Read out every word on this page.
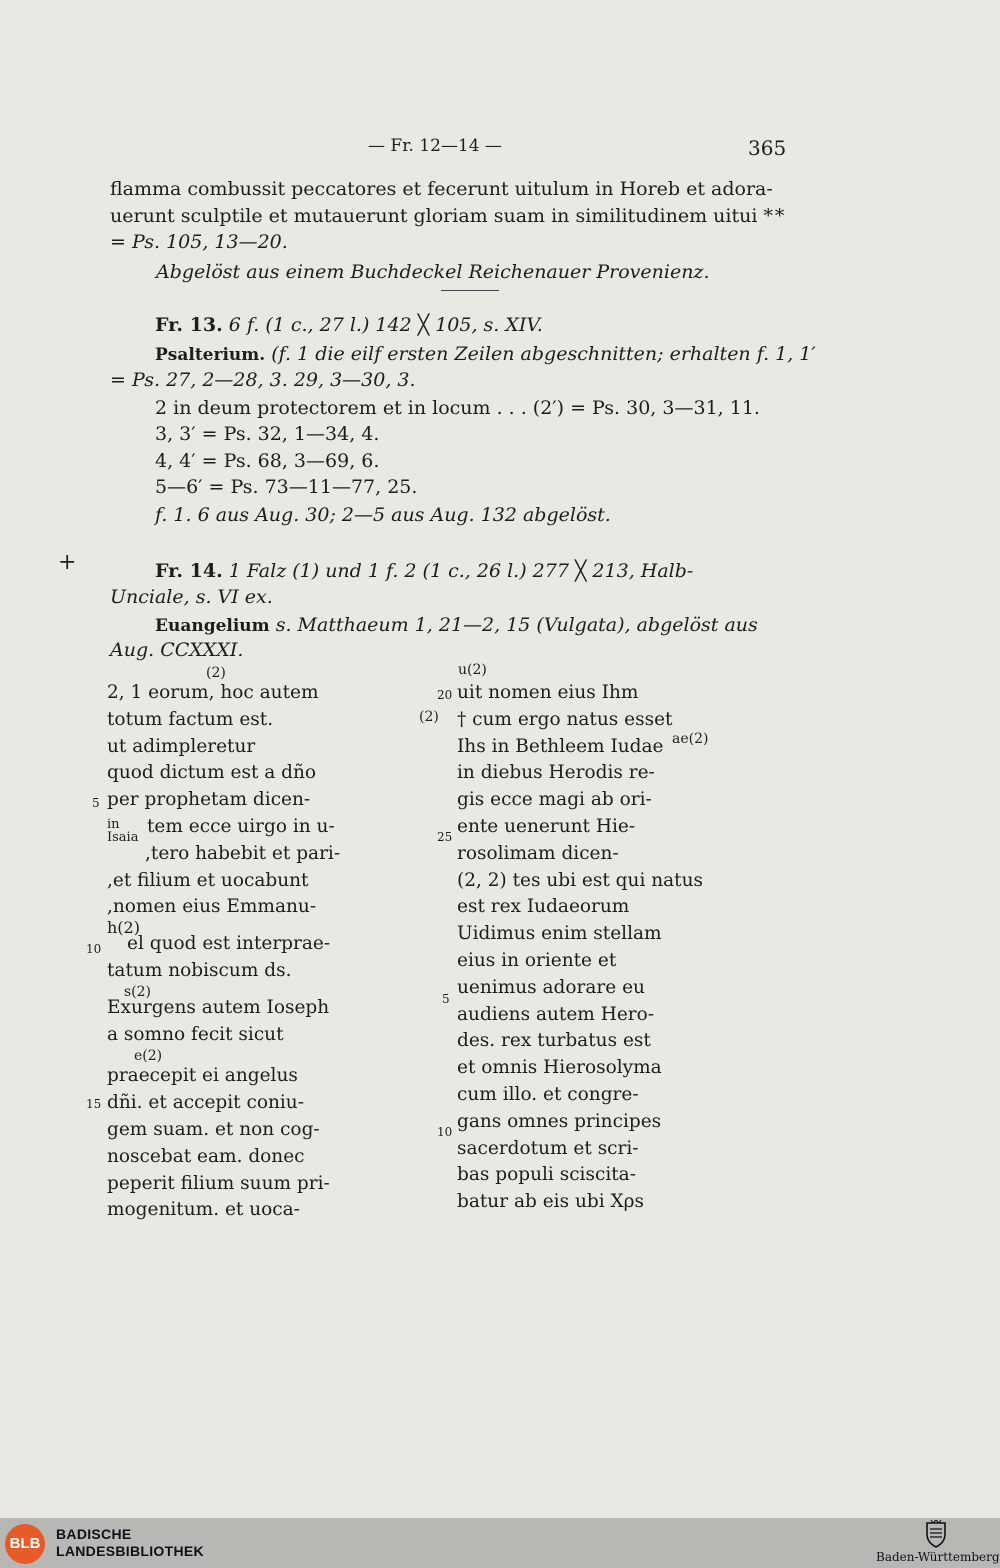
— Fr. 12—14 —	365
flamma combussit peccatores et fecerunt uitulum in Horeb et adora-
uerunt sculptile et mutauerunt gloriam suam in similitudinem uitui * *
= Ps. 105, 13—20.
Abgelöst aus einem Buchdeckel Reichenauer Provenienz.
Fr. 13. 6 f. (1 c., 27 l.) 142 ╳ 105, s. XIV.
Psalterium. (f. 1 die eilf ersten Zeilen abgeschnitten; erhalten f. 1, 1′
= Ps. 27, 2—28, 3. 29, 3—30, 3.
2 in deum protectorem et in locum . . . (2′) = Ps. 30, 3—31, 11.
3, 3′ = Ps. 32, 1—34, 4.
4, 4′ = Ps. 68, 3—69, 6.
5—6′ = Ps. 73—11—77, 25.
f. 1. 6 aus Aug. 30; 2—5 aus Aug. 132 abgelöst.
+	Fr. 14. 1 Falz (1) und 1 f. 2 (1 c., 26 l.) 277 ╳ 213, Halb-
Unciale, s. VI ex.
Euangelium s. Matthaeum 1, 21—2, 15 (Vulgata), abgelöst aus
Aug. CCXXXI.
2, 1 eorum, hoc autem
totum factum est.
ut adimpleretur
quod dictum est a dño
per prophetam dicen-
tem ecce uirgo in u-
,tero habebit et pari-
,et filium et uocabunt
,nomen eius Emmanu-
el quod est interprae-
tatum nobiscum ds.
Exurgens autem Ioseph
a somno fecit sicut
praecepit ei angelus
dñi. et accepit coniu-
gem suam. et non cog-
noscebat eam. donec
peperit filium suum pri-
mogenitum. et uoca-
(2)
in Isaia
h(2)
s(2)
e(2)
5
10
15
uit nomen eius Ihm
† cum ergo natus esset
Ihs in Bethleem Iudae
in diebus Herodis re-
gis ecce magi ab ori-
ente uenerunt Hie-
rosolimam dicen-
(2, 2) tes ubi est qui natus
est rex Iudaeorum
Uidimus enim stellam
eius in oriente et
uenimus adorare eu
audiens autem Hero-
des. rex turbatus est
et omnis Hierosolyma
cum illo. et congre-
gans omnes principes
sacerdotum et scri-
bas populi sciscita-
batur ab eis ubi Xρs
u(2)
(2)
ae(2)
20
25
5
10
BLB
BADISCHE
LANDESBIBLIOTHEK	Baden-Württemberg
